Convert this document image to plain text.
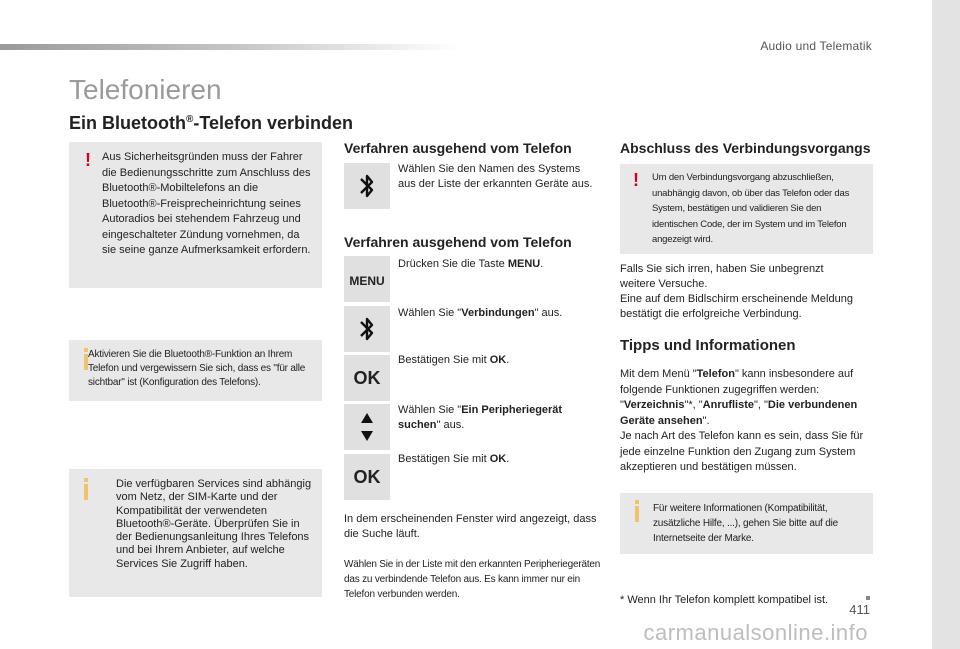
Audio und Telematik
Telefonieren
Ein Bluetooth®-Telefon verbinden
! Aus Sicherheitsgründen muss der Fahrer die Bedienungsschritte zum Anschluss des Bluetooth®-Mobiltelefons an die Bluetooth®-Freisprecheinrichtung seines Autoradios bei stehendem Fahrzeug und eingeschalteter Zündung vornehmen, da sie seine ganze Aufmerksamkeit erfordern.
Aktivieren Sie die Bluetooth®-Funktion an Ihrem Telefon und vergewissern Sie sich, dass es "für alle sichtbar" ist (Konfiguration des Telefons).
Die verfügbaren Services sind abhängig vom Netz, der SIM-Karte und der Kompatibilität der verwendeten Bluetooth®-Geräte. Überprüfen Sie in der Bedienungsanleitung Ihres Telefons und bei Ihrem Anbieter, auf welche Services Sie Zugriff haben.
Verfahren ausgehend vom Telefon
Wählen Sie den Namen des Systems aus der Liste der erkannten Geräte aus.
Verfahren ausgehend vom Telefon
MENU
Drücken Sie die Taste MENU.
Wählen Sie "Verbindungen" aus.
OK
Bestätigen Sie mit OK.
Wählen Sie "Ein Peripheriegerät suchen" aus.
OK
Bestätigen Sie mit OK.
In dem erscheinenden Fenster wird angezeigt, dass die Suche läuft.
Wählen Sie in der Liste mit den erkannten Peripheriegeräten das zu verbindende Telefon aus. Es kann immer nur ein Telefon verbunden werden.
Abschluss des Verbindungsvorgangs
! Um den Verbindungsvorgang abzuschließen, unabhängig davon, ob über das Telefon oder das System, bestätigen und validieren Sie den identischen Code, der im System und im Telefon angezeigt wird.
Falls Sie sich irren, haben Sie unbegrenzt weitere Versuche.
Eine auf dem Bidlschirm erscheinende Meldung bestätigt die erfolgreiche Verbindung.
Tipps und Informationen
Mit dem Menü "Telefon" kann insbesondere auf folgende Funktionen zugegriffen werden: "Verzeichnis"*, "Anrufliste", "Die verbundenen Geräte ansehen".
Je nach Art des Telefon kann es sein, dass Sie für jede einzelne Funktion den Zugang zum System akzeptieren und bestätigen müssen.
Für weitere Informationen (Kompatibilität, zusätzliche Hilfe, ...), gehen Sie bitte auf die Internetseite der Marke.
* Wenn Ihr Telefon komplett kompatibel ist.
411
carmanualsonline.info
